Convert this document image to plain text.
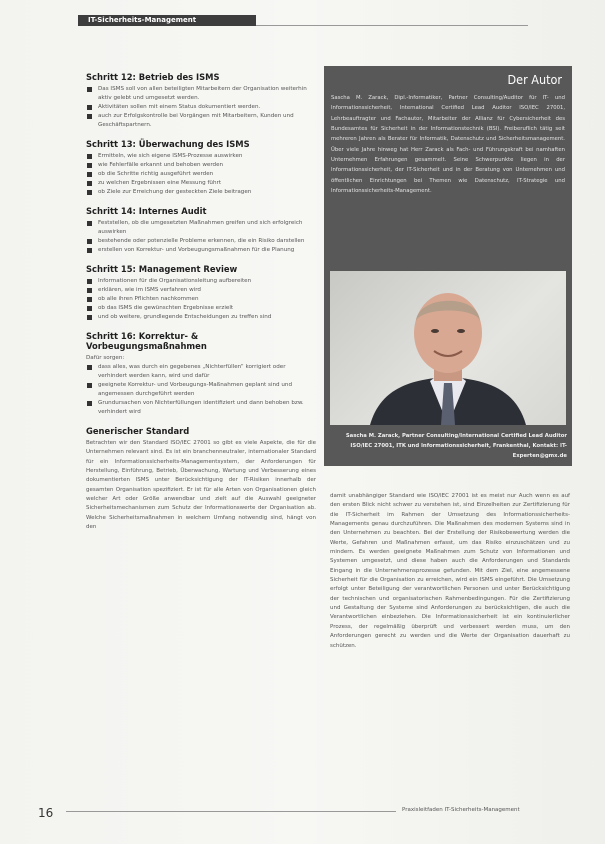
IT-Sicherheits-Management
Schritt 12: Betrieb des ISMS
Das ISMS soll von allen beteiligten Mitarbeitern der Organisation weiterhin aktiv gelebt und umgesetzt werden.
Aktivitäten sollen mit einem Status dokumentiert werden.
auch zur Erfolgskontrolle bei Vorgängen mit Mitarbeitern, Kunden und Geschäftspartnern.
Schritt 13: Überwachung des ISMS
Ermitteln, wie sich eigene ISMS-Prozesse auswirken
wie Fehlerfälle erkannt und behoben werden
ob die Schritte richtig ausgeführt werden
zu welchen Ergebnissen eine Messung führt
ob Ziele zur Erreichung der gesteckten Ziele beitragen
Schritt 14: Internes Audit
Feststellen, ob die umgesetzten Maßnahmen greifen und sich erfolgreich auswirken
bestehende oder potenzielle Probleme erkennen, die ein Risiko darstellen
erstellen von Korrektur- und Vorbeugungsmaßnahmen für die Planung
Schritt 15: Management Review
Informationen für die Organisationsleitung aufbereiten
erklären, wie im ISMS verfahren wird
ob alle ihren Pflichten nachkommen
ob das ISMS die gewünschten Ergebnisse erzielt
und ob weitere, grundlegende Entscheidungen zu treffen sind
Schritt 16: Korrektur- & Vorbeugungsmaßnahmen

Dafür sorgen:

dass alles, was durch ein gegebenes „Nichterfüllen“ korrigiert oder verhindert werden kann, wird und dafür
geeignete Korrektur- und Vorbeugungs-Maßnahmen geplant sind und angemessen durchgeführt werden
Grundursachen von Nichterfüllungen identifiziert und dann behoben bzw. verhindert wird
Generischer Standard

Betrachten wir den Standard ISO/IEC 27001 so gibt es viele Aspekte, die für die Unternehmen relevant sind. Es ist ein branchenneutraler, internationaler Standard für ein Informationssicherheits-Managementsystem, der Anforderungen für Herstellung, Einführung, Betrieb, Überwachung, Wartung und Verbesserung eines dokumentierten ISMS unter Berücksichtigung der IT-Risiken innerhalb der gesamten Organisation spezifiziert. Er ist für alle Arten von Organisationen gleich welcher Art oder Größe anwendbar und zielt auf die Auswahl geeigneter Sicherheitsmechanismen zum Schutz der Informationswerte der Organisation ab. Welche Sicherheitsmaßnahmen in welchem Umfang notwendig sind, hängt von den

Der Autor

Sascha M. Zarack, Dipl.-Informatiker, Partner Consulting/Auditor für IT- und Informationssicherheit, International Certified Lead Auditor ISO/IEC 27001, Lehrbeauftragter und Fachautor, Mitarbeiter der Allianz für Cybersicherheit des Bundesamtes für Sicherheit in der Informationstechnik (BSI). Freiberuflich tätig seit mehreren Jahren als Berater für Informatik, Datenschutz und Sicherheitsmanagement. Über viele Jahre hinweg hat Herr Zarack als Fach- und Führungskraft bei namhaften Unternehmen Erfahrungen gesammelt. Seine Schwerpunkte liegen in der Informationssicherheit, der IT-Sicherheit und in der Beratung von Unternehmen und öffentlichen Einrichtungen bei Themen wie Datenschutz, IT-Strategie und Informationssicherheits-Management.

Sascha M. Zarack, Partner Consulting/International Certified Lead Auditor ISO/IEC 27001, ITK und Informationssicherheit, Frankenthal, Kontakt: IT-Experten@gmx.de

damit unabhängiger Standard wie ISO/IEC 27001 ist es meist nur Auch wenn es auf den ersten Blick nicht schwer zu verstehen ist, sind Einzelheiten zur Zertifizierung für die IT-Sicherheit im Rahmen der Umsetzung des Informationssicherheits-Managements genau durchzuführen. Die Maßnahmen des modernen Systems sind in den Unternehmen zu beachten. Bei der Erstellung der Risikobewertung werden die Werte, Gefahren und Maßnahmen erfasst, um das Risiko einzuschätzen und zu mindern. Es werden geeignete Maßnahmen zum Schutz von Informationen und Systemen umgesetzt, und diese haben auch die Anforderungen und Standards Eingang in die Unternehmensprozesse gefunden. Mit dem Ziel, eine angemessene Sicherheit für die Organisation zu erreichen, wird ein ISMS eingeführt. Die Umsetzung erfolgt unter Beteiligung der verantwortlichen Personen und unter Berücksichtigung der technischen und organisatorischen Rahmenbedingungen. Für die Zertifizierung und Gestaltung der Systeme sind Anforderungen zu berücksichtigen, die auch die Verantwortlichen einbeziehen. Die Informationssicherheit ist ein kontinuierlicher Prozess, der regelmäßig überprüft und verbessert werden muss, um den Anforderungen gerecht zu werden und die Werte der Organisation dauerhaft zu schützen.

16	Praxisleitfaden IT-Sicherheits-Management
